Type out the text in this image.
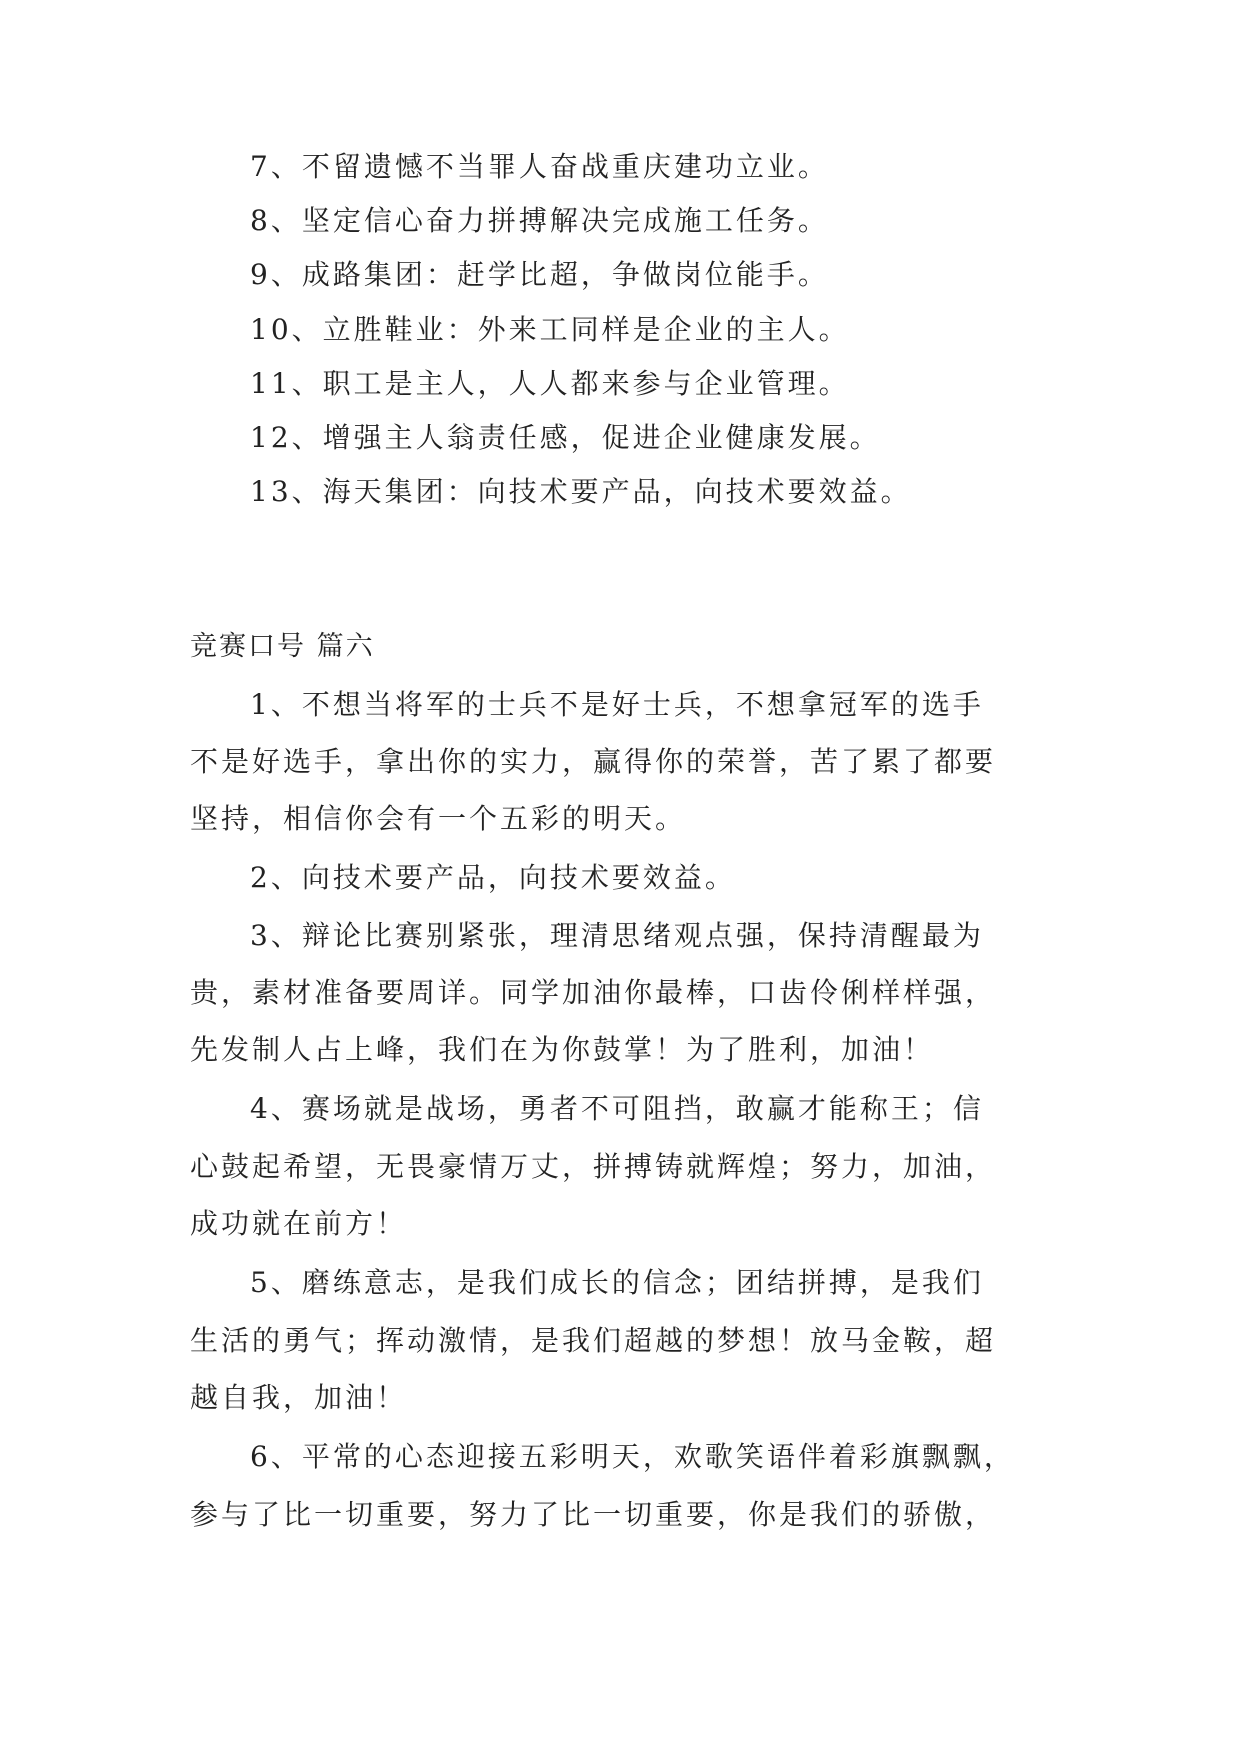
7、不留遗憾不当罪人奋战重庆建功立业。
8、坚定信心奋力拼搏解决完成施工任务。
9、成路集团：赶学比超，争做岗位能手。
10、立胜鞋业：外来工同样是企业的主人。
11、职工是主人，人人都来参与企业管理。
12、增强主人翁责任感，促进企业健康发展。
13、海天集团：向技术要产品，向技术要效益。
竞赛口号 篇六
1、不想当将军的士兵不是好士兵，不想拿冠军的选手
不是好选手，拿出你的实力，赢得你的荣誉，苦了累了都要
坚持，相信你会有一个五彩的明天。
2、向技术要产品，向技术要效益。
3、辩论比赛别紧张，理清思绪观点强，保持清醒最为
贵，素材准备要周详。同学加油你最棒，口齿伶俐样样强，
先发制人占上峰，我们在为你鼓掌！为了胜利，加油！
4、赛场就是战场，勇者不可阻挡，敢赢才能称王；信
心鼓起希望，无畏豪情万丈，拼搏铸就辉煌；努力，加油，
成功就在前方！
5、磨练意志，是我们成长的信念；团结拼搏，是我们
生活的勇气；挥动激情，是我们超越的梦想！放马金鞍，超
越自我，加油！
6、平常的心态迎接五彩明天，欢歌笑语伴着彩旗飘飘，
参与了比一切重要，努力了比一切重要，你是我们的骄傲，
